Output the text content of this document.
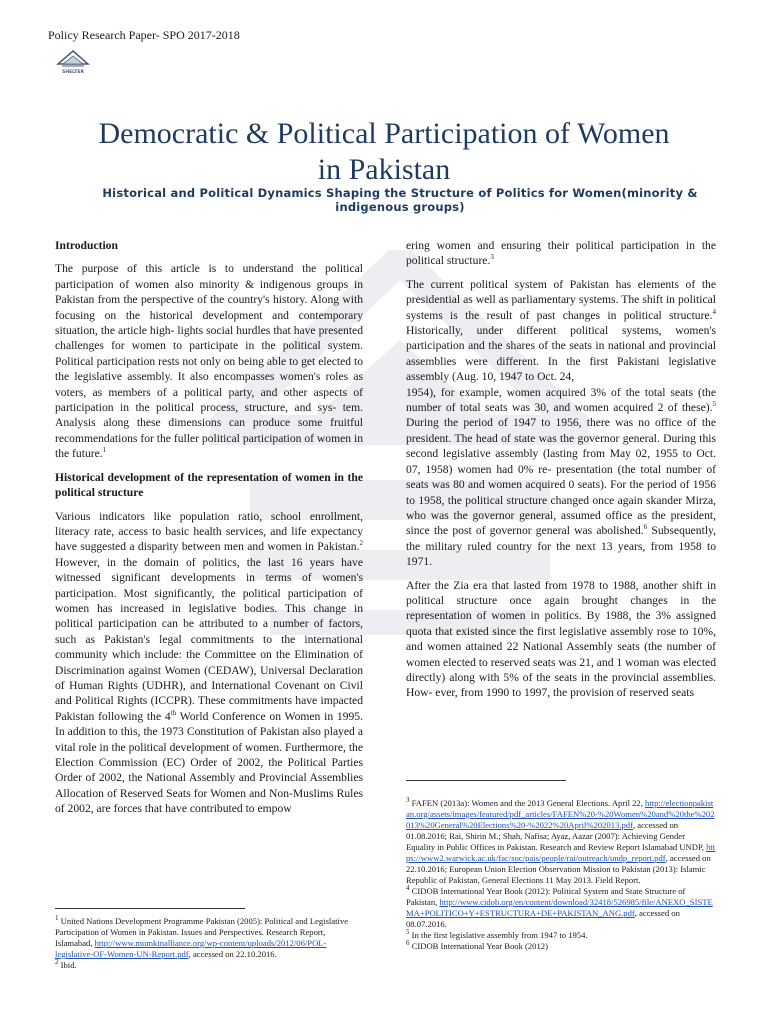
Policy Research Paper- SPO 2017-2018
SHELTER
Democratic & Political Participation of Women
in Pakistan
Historical and Political Dynamics Shaping the Structure of Politics for Women(minority & indigenous groups)
Introduction

The purpose of this article is to understand the political participation of women also minority & indigenous groups in Pakistan from the perspective of the country's history. Along with focusing on the historical development and contemporary situation, the article high- lights social hurdles that have presented challenges for women to participate in the political system. Political participation rests not only on being able to get elected to the legislative assembly. It also encompasses women's roles as voters, as members of a political party, and other aspects of participation in the political process, structure, and sys- tem. Analysis along these dimensions can produce some fruitful recommendations for the fuller political participation of women in the future.$^1$

Historical development of the representation of women in the political structure

Various indicators like population ratio, school enrollment, literacy rate, access to basic health services, and life expectancy have suggested a disparity between men and women in Pakistan.$^2$ However, in the domain of politics, the last 16 years have witnessed significant developments in terms of women's participation. Most significantly, the political participation of women has increased in legislative bodies. This change in political participation can be attributed to a number of factors, such as Pakistan's legal commitments to the international community which include: the Committee on the Elimination of Discrimination against Women (CEDAW), Universal Declaration of Human Rights (UDHR), and International Covenant on Civil and Political Rights (ICCPR). These commitments have impacted Pakistan following the 4th World Conference on Women in 1995. In addition to this, the 1973 Constitution of Pakistan also played a vital role in the political development of women. Furthermore, the Election Commission (EC) Order of 2002, the Political Parties Order of 2002, the National Assembly and Provincial Assemblies Allocation of Reserved Seats for Women and Non-Muslims Rules of 2002, are forces that have contributed to empow

$^1$ United Nations Development Programme Pakistan (2005): Political and Legislative Participation of Women in Pakistan. Issues and Perspectives. Research Report, Islamabad, http://www.mumkinalliance.org/wp-content/uploads/2012/06/POL-legislative-OF-Women-UN-Report.pdf, accessed on 22.10.2016.
$^2$ Ibid.

ering women and ensuring their political participation in the political structure.$^3$

The current political system of Pakistan has elements of the presidential as well as parliamentary systems. The shift in political systems is the result of past changes in political structure.$^4$ Historically, under different political systems, women's participation and the shares of the seats in national and provincial assemblies were different. In the first Pakistani legislative assembly (Aug. 10, 1947 to Oct. 24,
1954), for example, women acquired 3% of the total seats (the number of total seats was 30, and women acquired 2 of these).$^5$ During the period of 1947 to 1956, there was no office of the president. The head of state was the governor general. During this second legislative assembly (lasting from May 02, 1955 to Oct. 07, 1958) women had 0% re- presentation (the total number of seats was 80 and women acquired 0 seats). For the period of 1956 to 1958, the political structure changed once again skander Mirza, who was the governor general, assumed office as the president, since the post of governor general was abolished.$^6$ Subsequently, the military ruled country for the next 13 years, from 1958 to 1971.

After the Zia era that lasted from 1978 to 1988, another shift in political structure once again brought changes in the representation of women in politics. By 1988, the 3% assigned quota that existed since the first legislative assembly rose to 10%, and women attained 22 National Assembly seats (the number of women elected to reserved seats was 21, and 1 woman was elected directly) along with 5% of the seats in the provincial assemblies. How- ever, from 1990 to 1997, the provision of reserved seats

$^3$ FAFEN (2013a): Women and the 2013 General Elections. April 22, http://electionpakistan.org/assets/images/featured/pdf_articles/FAFEN%20-%20Women%20and%20the%202013%20General%20Elections%20-%2022%20April%202013.pdf, accessed on 01.08.2016; Rai, Shirin M.; Shah, Nafisa; Ayaz, Aazar (2007): Achieving Gender Equality in Public Offices in Pakistan. Research and Review Report Islamabad UNDP, https://www2.warwick.ac.uk/fac/soc/pais/people/rai/outreach/undp_report.pdf, accessed on 22.10.2016; European Union Election Observation Mission to Pakistan (2013): Islamic Republic of Pakistan, General Elections 11 May 2013. Field Report.
$^4$ CIDOB International Year Book (2012): Political System and State Structure of Pakistan, http://www.cidob.org/en/content/download/32418/526985/file/ANEXO_SISTEMA+POLITICO+Y+ESTRUCTURA+DE+PAKISTAN_ANG.pdf, accessed on 08.07.2016.
$^5$ In the first legislative assembly from 1947 to 1954.
$^6$ CIDOB International Year Book (2012)
